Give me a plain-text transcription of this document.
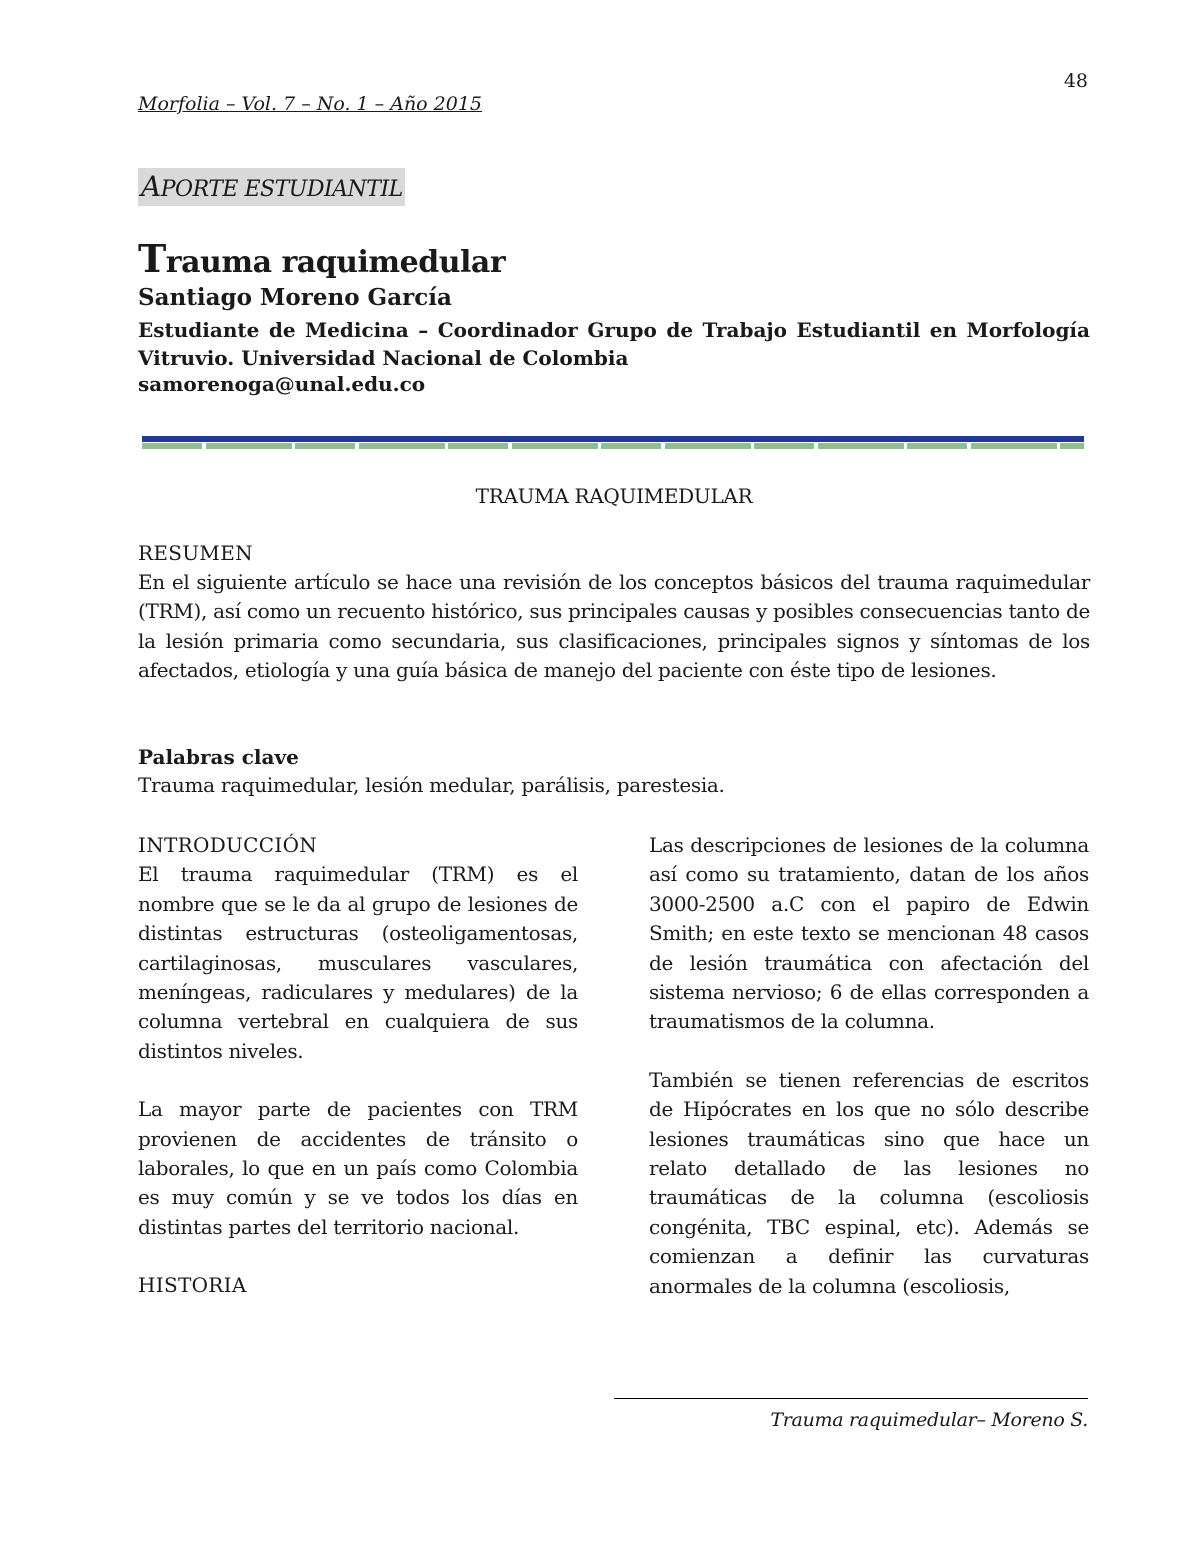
48
Morfolia – Vol. 7 – No. 1 – Año 2015
APORTE ESTUDIANTIL
Trauma raquimedular
Santiago Moreno García
Estudiante de Medicina – Coordinador Grupo de Trabajo Estudiantil en Morfología Vitruvio. Universidad Nacional de Colombia
samorenoga@unal.edu.co
TRAUMA RAQUIMEDULAR
RESUMEN
En el siguiente artículo se hace una revisión de los conceptos básicos del trauma raquimedular (TRM), así como un recuento histórico, sus principales causas y posibles consecuencias tanto de la lesión primaria como secundaria, sus clasificaciones, principales signos y síntomas de los afectados, etiología y una guía básica de manejo del paciente con éste tipo de lesiones.
Palabras clave
Trauma raquimedular, lesión medular, parálisis, parestesia.
INTRODUCCIÓN

El trauma raquimedular (TRM) es el nombre que se le da al grupo de lesiones de distintas estructuras (osteoligamentosas, cartilaginosas, musculares vasculares, meníngeas, radiculares y medulares) de la columna vertebral en cualquiera de sus distintos niveles.

La mayor parte de pacientes con TRM provienen de accidentes de tránsito o laborales, lo que en un país como Colombia es muy común y se ve todos los días en distintas partes del territorio nacional.

HISTORIA

Las descripciones de lesiones de la columna así como su tratamiento, datan de los años 3000-2500 a.C con el papiro de Edwin Smith; en este texto se mencionan 48 casos de lesión traumática con afectación del sistema nervioso; 6 de ellas corresponden a traumatismos de la columna.

También se tienen referencias de escritos de Hipócrates en los que no sólo describe lesiones traumáticas sino que hace un relato detallado de las lesiones no traumáticas de la columna (escoliosis congénita, TBC espinal, etc). Además se comienzan a definir las curvaturas anormales de la columna (escoliosis,

Trauma raquimedular– Moreno S.
